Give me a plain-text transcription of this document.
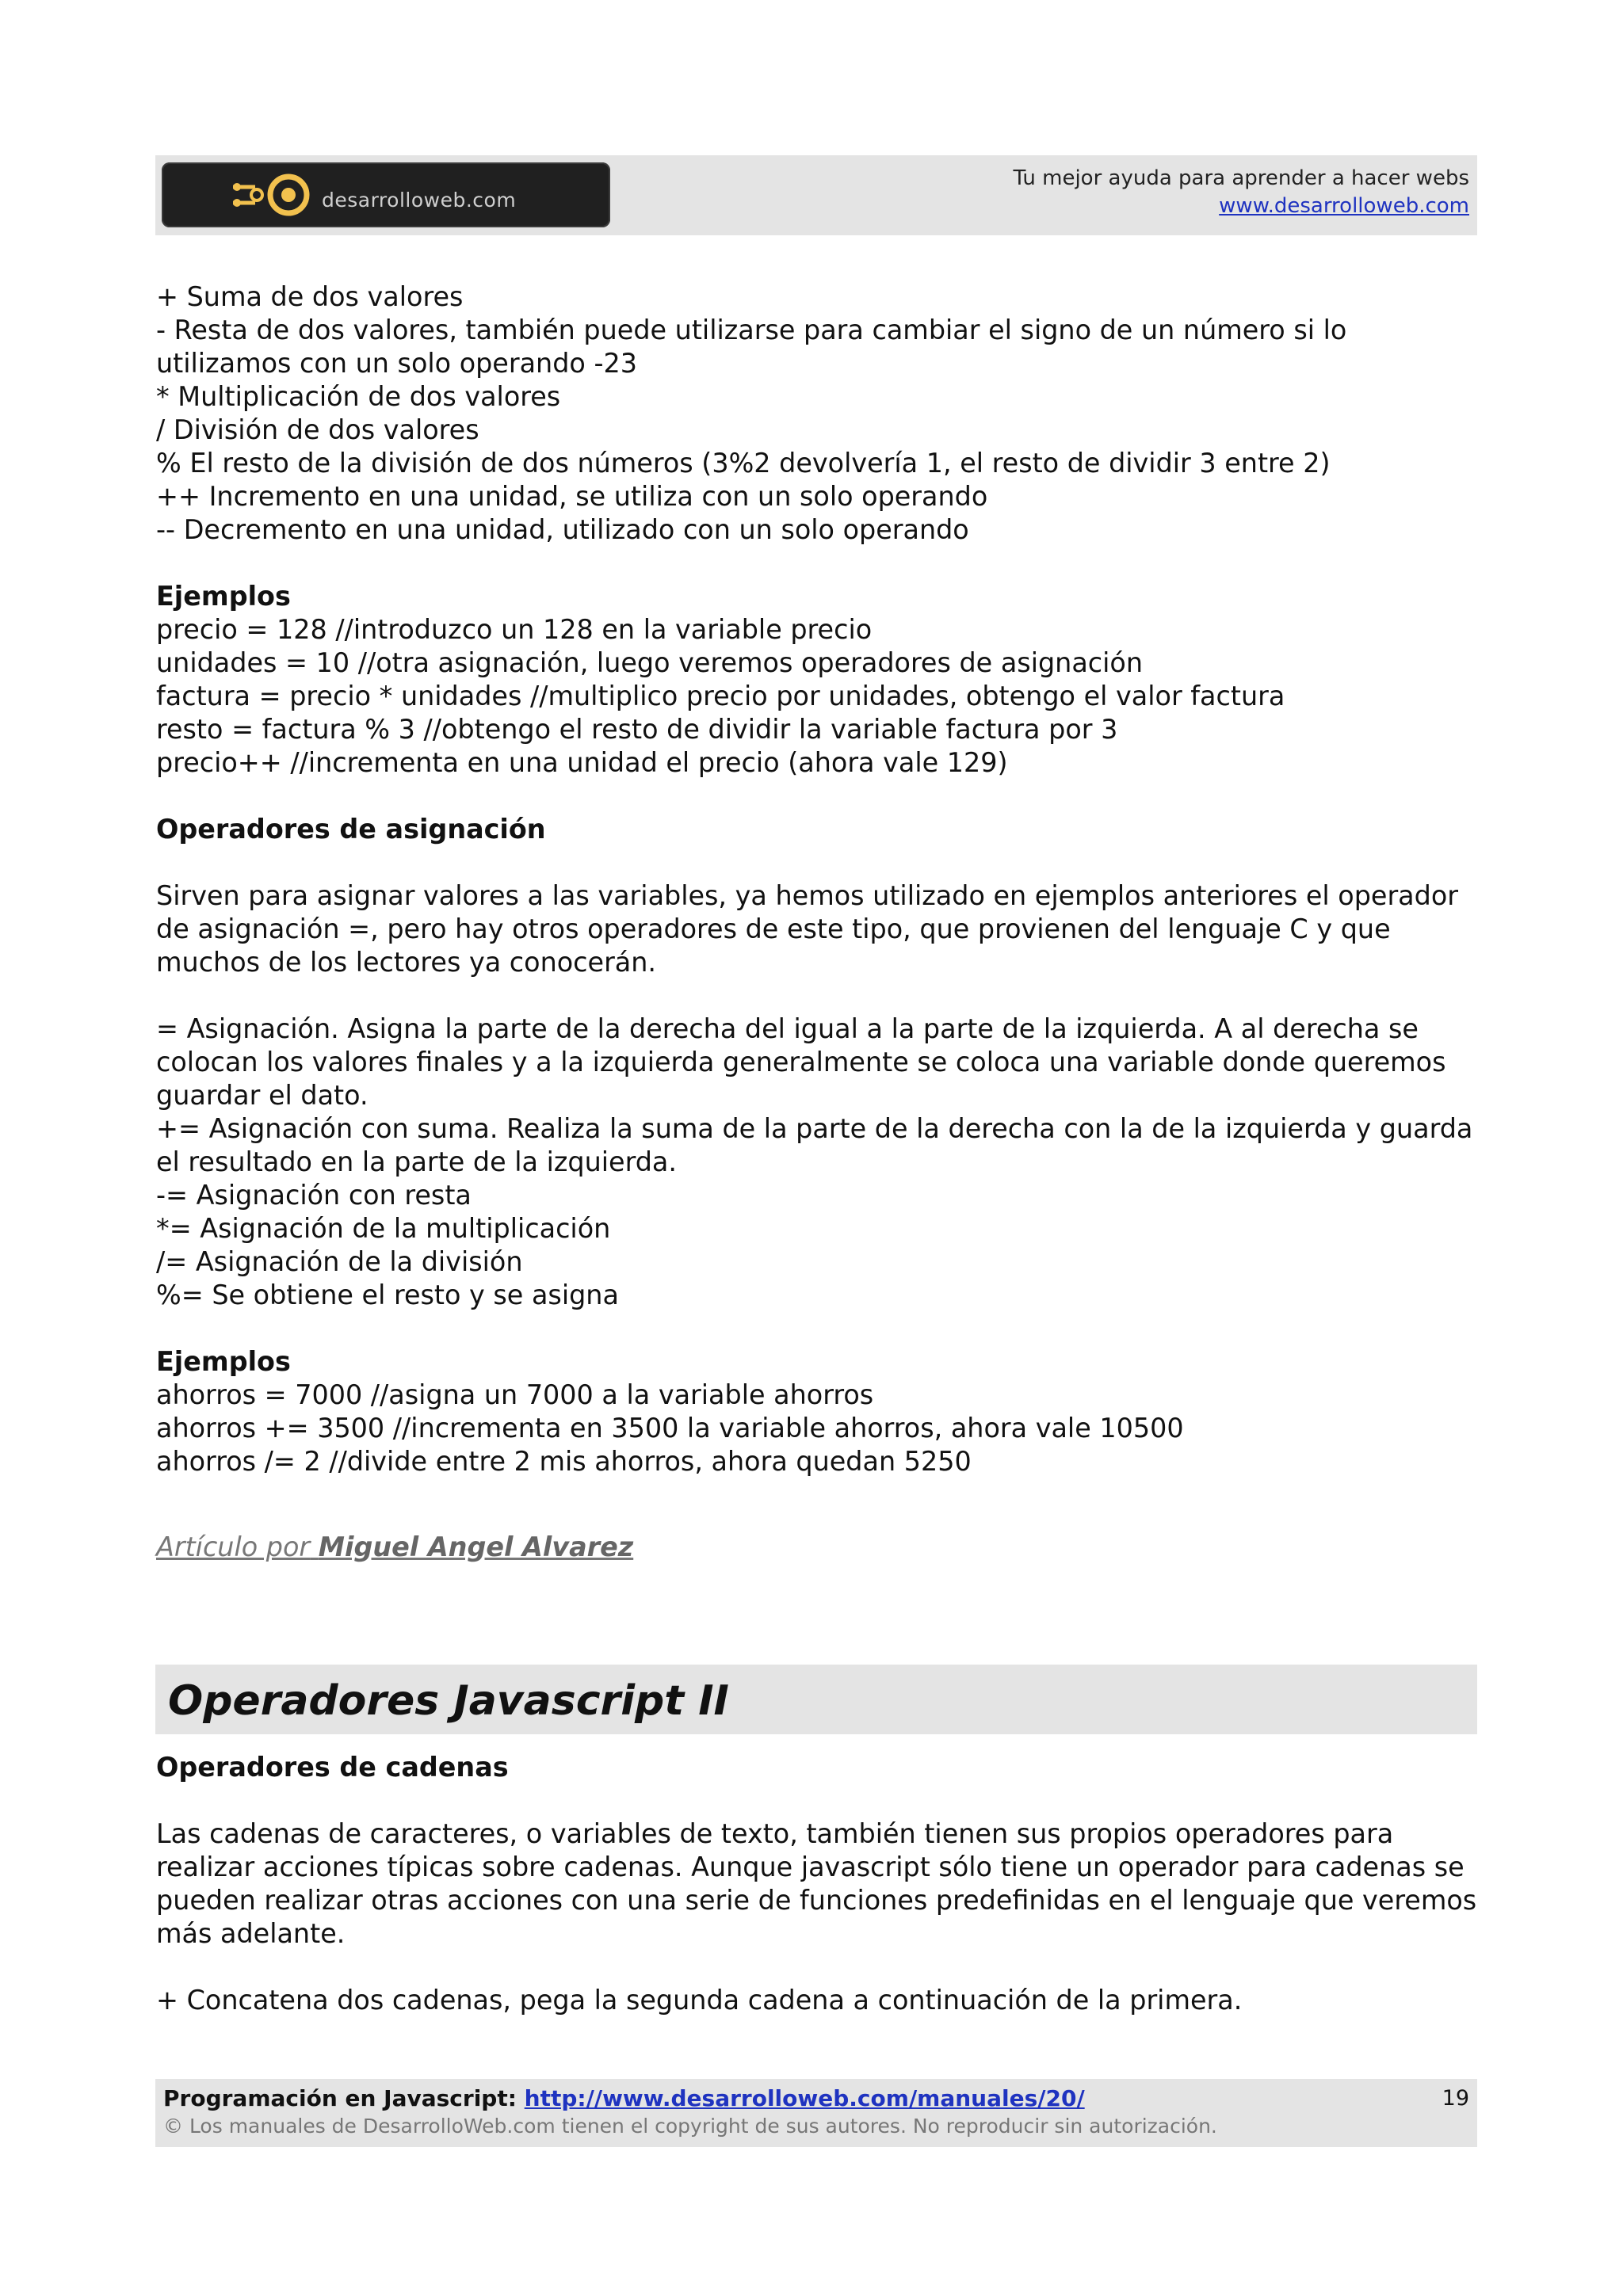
desarrolloweb.com
Tu mejor ayuda para aprender a hacer webs
www.desarrolloweb.com

+ Suma de dos valores

- Resta de dos valores, también puede utilizarse para cambiar el signo de un número si lo utilizamos con un solo operando -23

* Multiplicación de dos valores

/ División de dos valores

% El resto de la división de dos números (3%2 devolvería 1, el resto de dividir 3 entre 2)

++ Incremento en una unidad, se utiliza con un solo operando

-- Decremento en una unidad, utilizado con un solo operando

Ejemplos

precio = 128 //introduzco un 128 en la variable precio

unidades = 10 //otra asignación, luego veremos operadores de asignación

factura = precio * unidades //multiplico precio por unidades, obtengo el valor factura

resto = factura % 3 //obtengo el resto de dividir la variable factura por 3

precio++ //incrementa en una unidad el precio (ahora vale 129)

Operadores de asignación

Sirven para asignar valores a las variables, ya hemos utilizado en ejemplos anteriores el operador de asignación =, pero hay otros operadores de este tipo, que provienen del lenguaje C y que muchos de los lectores ya conocerán.

= Asignación. Asigna la parte de la derecha del igual a la parte de la izquierda. A al derecha se colocan los valores finales y a la izquierda generalmente se coloca una variable donde queremos guardar el dato.

+= Asignación con suma. Realiza la suma de la parte de la derecha con la de la izquierda y guarda el resultado en la parte de la izquierda.

-= Asignación con resta

*= Asignación de la multiplicación

/= Asignación de la división

%= Se obtiene el resto y se asigna

Ejemplos

ahorros = 7000 //asigna un 7000 a la variable ahorros

ahorros += 3500 //incrementa en 3500 la variable ahorros, ahora vale 10500

ahorros /= 2 //divide entre 2 mis ahorros, ahora quedan 5250

Artículo por Miguel Angel Alvarez
Operadores Javascript II

Operadores de cadenas

Las cadenas de caracteres, o variables de texto, también tienen sus propios operadores para realizar acciones típicas sobre cadenas. Aunque javascript sólo tiene un operador para cadenas se pueden realizar otras acciones con una serie de funciones predefinidas en el lenguaje que veremos más adelante.

+ Concatena dos cadenas, pega la segunda cadena a continuación de la primera.

Programación en Javascript: http://www.desarrolloweb.com/manuales/20/
© Los manuales de DesarrolloWeb.com tienen el copyright de sus autores. No reproducir sin autorización.
19
